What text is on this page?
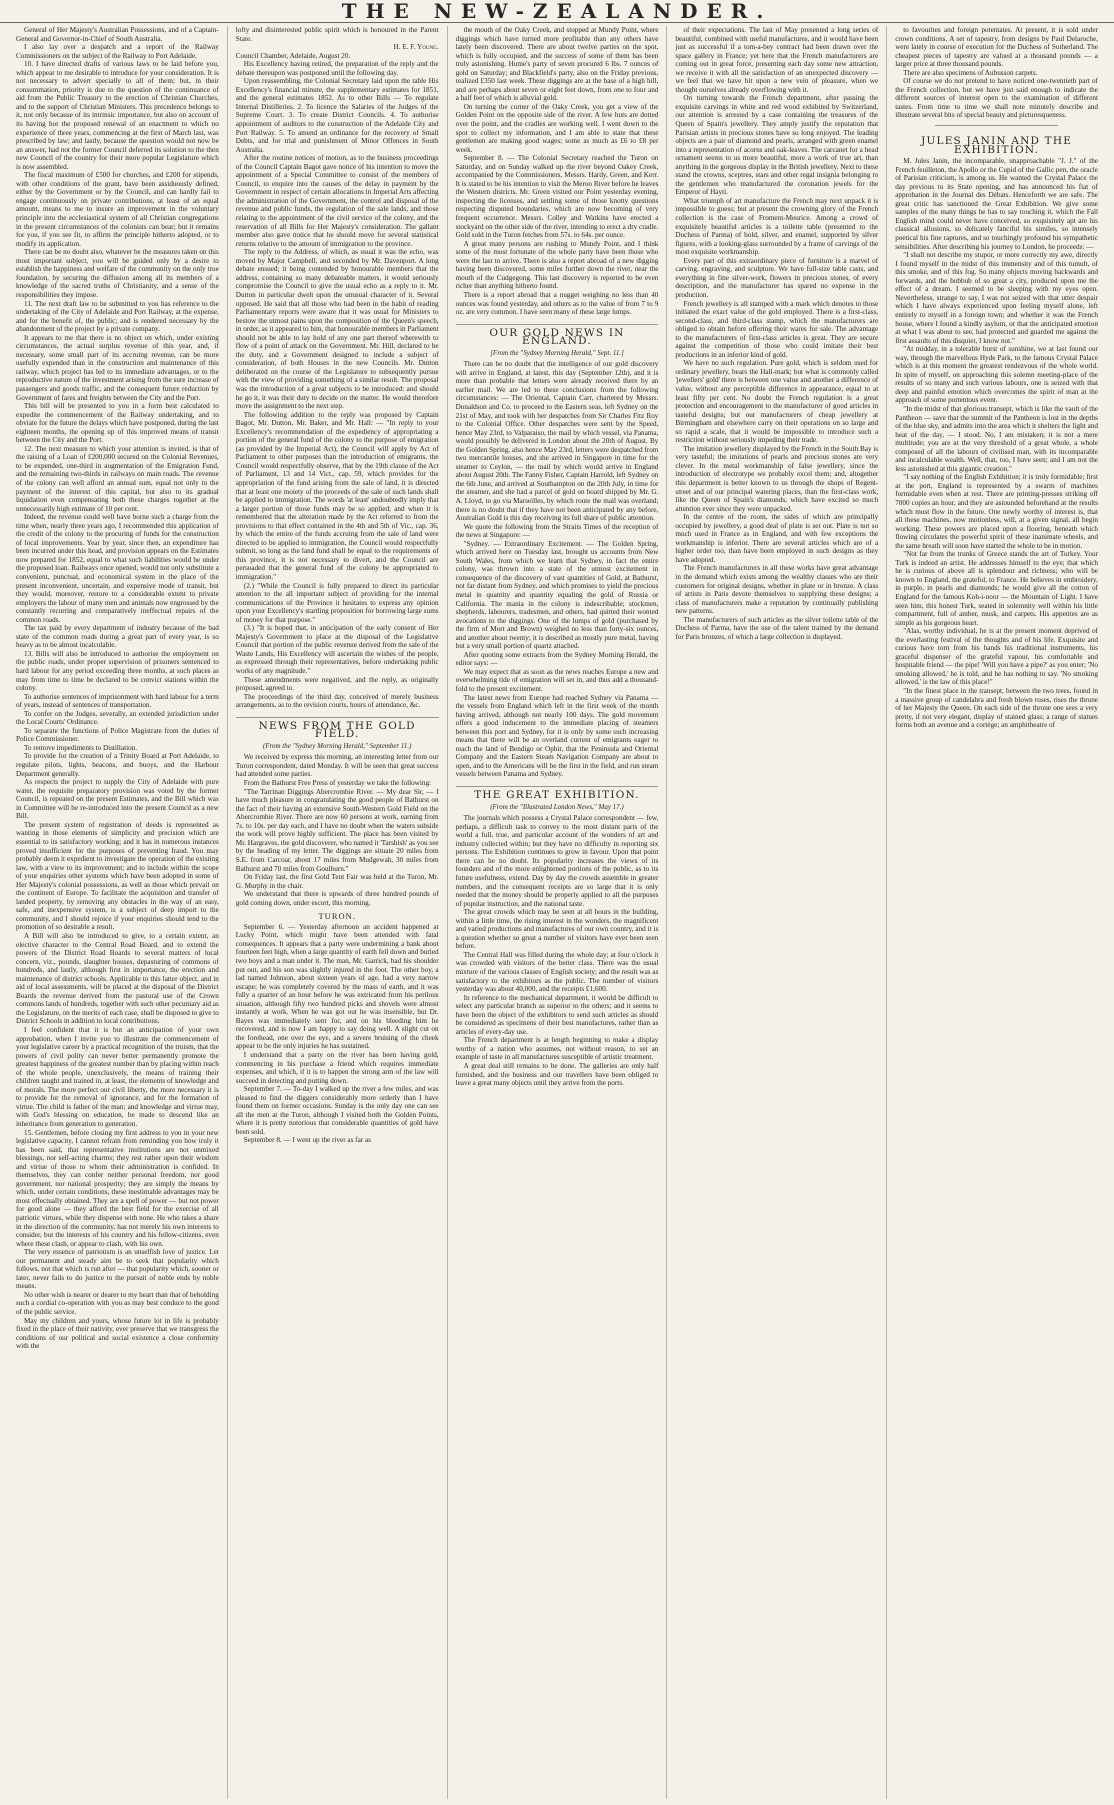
THE NEW-ZEALANDER.

General of Her Majesty's Australian Possessions, and of a Captain-General and Governor-in-Chief of South Australia.

I also lay over a despatch and a report of the Railway Commissioners on the subject of the Railway to Port Adelaide.

10. I have directed drafts of various laws to be laid before you, which appear to me desirable to introduce for your consideration. It is not necessary to advert specially to all of them; but, in their consummation, priority is due to the question of the continuance of aid from the Public Treasury to the erection of Christian Churches, and to the support of Christian Ministers. This precedence belongs to it, not only because of its intrinsic importance, but also on account of its having hot the proposed renewal of an enactment to which no experience of three years, commencing at the first of March last, was prescribed by law; and lastly, because the question would not now be an answer, had not the former Council deferred its solution to the then new Council of the country for their more popular Legislature which is now assembled.

The fiscal maximum of £500 for churches, and £200 for stipends, with other conditions of the grant, have been assiduously defined, either by the Government or by the Council, and can hardly fail to engage continuously on private contributions, at least of an equal amount, means to me to insure an improvement in the voluntary principle into the ecclesiastical system of all Christian congregations in the present circumstances of the colonists can bear; but it remains for you, if you see fit, to affirm the principle hitherto adopted, or to modify its application.

There can be no doubt also, whatever be the measures taken on this most important subject, you will be guided only by a desire to establish the happiness and welfare of the community on the only true foundation, by securing the diffusion among all its members of a knowledge of the sacred truths of Christianity, and a sense of the responsibilities they impose.

11. The next draft law to be submitted to you has reference to the undertaking of the City of Adelaide and Port Railway, at the expense, and for the benefit of, the public; and is rendered necessary by the abandonment of the project by a private company.

It appears to me that there is no object on which, under existing circumstances, the actual surplus revenue of this year, and, if necessary, some small part of its accruing revenue, can be more usefully expended than in the construction and maintenance of this railway, which project has led to its immediate advantages, or to the reproductive nature of the investment arising from the sure increase of passengers and goods traffic, and the consequent future reduction by Government of fares and freights between the City and the Port.

This bill will be presented to you in a form best calculated to expedite the commencement of the Railway undertaking, and to obviate for the future the delays which have postponed, during the last eighteen months, the opening up of this improved means of transit between the City and the Port.

12. The next measure to which your attention is invited, is that of the raising of a Loan of £200,000 secured on the Colonial Revenues, to be expended, one-third in augmentation of the Emigration Fund, and the remaining two-thirds in railways on main roads. The revenue of the colony can well afford an annual sum, equal not only to the payment of the interest of this capital, but also to its gradual liquidation even compensating both these charges together at the unnecessarily high estimate of 10 per cent.

Indeed, the revenue could well have borne such a charge from the time when, nearly three years ago, I recommended this application of the credit of the colony to the procuring of funds for the construction of local improvements. Year by year, since then, an expenditure has been incurred under this head, and provision appears on the Estimates now prepared for 1852, equal to what such liabilities would be under the proposed loan. Railways once opened, would not only substitute a convenient, punctual, and economical system in the place of the present inconvenient, uncertain, and expensive mode of transit, but they would, moreover, restore to a considerable extent to private employers the labour of many men and animals now engrossed by the constantly recurring and comparatively ineffectual repairs of the common roads.

The tax paid by every department of industry because of the bad state of the common roads during a great part of every year, is so heavy as to be almost incalculable.

13. Bills will also be introduced to authorise the employment on the public roads, under proper supervision of prisoners sentenced to hard labour for any period exceeding three months, at such places as may from time to time be declared to be convict stations within the colony.

To authorise sentences of imprisonment with hard labour for a term of years, instead of sentences of transportation.

To confer on the Judges, severally, an extended jurisdiction under the Local Courts' Ordinance.

To separate the functions of Police Magistrate from the duties of Police Commissioner.

To remove impediments to Distillation.

To provide for the creation of a Trinity Board at Port Adelaide, to regulate pilots, lights, beacons, and buoys, and the Harbour Department generally.

As respects the project to supply the City of Adelaide with pure water, the requisite preparatory provision was voted by the former Council, is repeated on the present Estimates, and the Bill which was in Committee will be re-introduced into the present Council as a new Bill.

The present system of registration of deeds is represented as wanting in those elements of simplicity and precision which are essential to its satisfactory working; and it has in numerous instances proved insufficient for the purposes of preventing fraud. You may probably deem it expedient to investigate the operation of the existing law, with a view to its improvement; and to include within the scope of your enquiries other systems which have been adopted in some of Her Majesty's colonial possessions, as well as those which prevail on the continent of Europe. To facilitate the acquisition and transfer of landed property, by removing any obstacles in the way of an easy, safe, and inexpensive system, is a subject of deep import to the community, and I should rejoice if your enquiries should tend to the promotion of so desirable a result.

A Bill will also be introduced to give, to a certain extent, an elective character to the Central Road Board, and to extend the powers of the District Road Boards to several matters of local concern, viz., pounds, slaughter houses, depasturing of commons of hundreds, and lastly, although first in importance, the erection and maintenance of district schools. Applicable to this latter object, and in aid of local assessments, will be placed at the disposal of the District Boards the revenue derived from the pastoral use of the Crown commons lands of hundreds, together with such other pecuniary aid as the Legislature, on the merits of each case, shall be disposed to give to District Schools in addition to local contributions.

I feel confident that it is but an anticipation of your own approbation, when I invite you to illustrate the commencement of your legislative career by a practical recognition of the truism, that the powers of civil polity can never better permanently promote the greatest happiness of the greatest number than by placing within reach of the whole people, unexclusively, the means of training their children taught and trained in, at least, the elements of knowledge and of morals. The more perfect our civil liberty, the more necessary it is to provide for the removal of ignorance, and for the formation of virtue. The child is father of the man; and knowledge and virtue may, with God's blessing on education, be made to descend like an inheritance from generation to generation.

15. Gentlemen, before closing my first address to you in your new legislative capacity, I cannot refrain from reminding you how truly it has been said, that representative institutions are not unmixed blessings, nor self-acting charms; they rest rather upon their wisdom and virtue of those to whom their administration is confided. In themselves, they can confer neither personal freedom, nor good government, nor national prosperity; they are simply the means by which, under certain conditions, these inestimable advantages may be most effectually obtained. They are a spell of power — but not power for good alone — they afford the best field for the exercise of all patriotic virtues, while they dispense with none. He who takes a share in the direction of the community, has not merely his own interests to consider, but the interests of his country and his fellow-citizens, even where these clash, or appear to clash, with his own.

The very essence of patriotism is an unselfish love of justice. Let our permanent and steady aim be to seek that popularity which follows, not that which is run after — that popularity which, sooner or later, never fails to do justice to the pursuit of noble ends by noble means.

No other wish is nearer or dearer to my heart than that of beholding such a cordial co-operation with you as may best conduce to the good of the public service.

May my children and yours, whose future lot in life is probably fixed in the place of their nativity, ever preserve that we transgress the conditions of our political and social existence a close conformity with the

lofty and disinterested public spirit which is honoured in the Parent State.

H. E. F. Young.

Council Chamber, Adelaide, August 20.

His Excellency having retired, the preparation of the reply and the debate thereupon was postponed until the following day.

Upon reassembling, the Colonial Secretary laid upon the table His Excellency's financial minute, the supplementary estimates for 1851, and the general estimates 1852. As to other Bills — To regulate Internal Distilleries. 2. To licence the Salaries of the Judges of the Supreme Court. 3. To create District Councils. 4. To authorise appointment of auditors to the construction of the Adelaide City and Port Railway. 5. To amend an ordinance for the recovery of Small Debts, and for trial and punishment of Minor Offences in South Australia.

After the routine notices of motion, as to the business proceedings of the Council Captain Bagot gave notice of his intention to move the appointment of a Special Committee to consist of the members of Council, to enquire into the causes of the delay in payment by the Government in respect of certain allocations in Imperial Arts affecting the administration of the Government, the control and disposal of the revenue and public funds, the regulation of the sale lands, and those relating to the appointment of the civil service of the colony, and the reservation of all Bills for Her Majesty's consideration. The gallant member also gave notice that he should move for several statistical returns relative to the amount of immigration to the province.

The reply to the Address, of which, as usual it was the echo, was moved by Major Campbell, and seconded by Mr. Davenport. A long debate ensued; it being contended by honourable members that the address, containing so many debateable matters, it would seriously compromise the Council to give the usual echo as a reply to it. Mr. Dutton in particular dwelt upon the unusual character of it. Several opposed. He said that all those who had been in the habit of reading Parliamentary reports were aware that it was usual for Ministers to bestow the utmost pains upon the composition of the Queen's speech, in order, as it appeared to him, that honourable members in Parliament should not be able to lay hold of any one part thereof wherewith to flow of a point of attack on the Government. Mr. Hill, declared to be the duty, and a Government designed to include a subject of consideration, of both Houses in the new Councils. Mr. Dutton deliberated on the course of the Legislature to subsequently pursue with the view of providing something of a similar result. The proposal was the introduction of a great subjects to be introduced: and should he go it, it was their duty to decide on the matter. He would therefore move the assignment to the next step.

The following addition to the reply was proposed by Captain Bagot, Mr. Dutton, Mr. Baker, and Mr. Hall: — "In reply to your Excellency's recommendation of the expediency of appropriating a portion of the general fund of the colony to the purpose of emigration (as provided by the Imperial Act), the Council will apply by Act of Parliament to other purposes than the introduction of emigrants, the Council would respectfully observe, that by the 19th clause of the Act of Parliament, 13 and 14 Vict., cap. 59, which provides for the appropriation of the fund arising from the sale of land, it is directed that at least one moiety of the proceeds of the sale of such lands shall be applied to immigration. The words 'at least' undoubtedly imply that a larger portion of those funds may be so applied; and when it is remembered that the alteration made by the Act referred to from the provisions to that effect contained in the 4th and 5th of Vic., cap. 36, by which the entire of the funds accruing from the sale of land were directed to be applied to immigration, the Council would respectfully submit, so long as the land fund shall be equal to the requirements of this province, it is not necessary to divert, and the Council are persuaded that the general fund of the colony be appropriated to immigration."

(2.) "While the Council is fully prepared to direct its particular attention to the all important subject of providing for the internal communications of the Province it hesitates to express any opinion upon your Excellency's startling proposition for borrowing large sums of money for that purpose."

(3.) "It is hoped that, in anticipation of the early consent of Her Majesty's Government to place at the disposal of the Legislative Council that portion of the public revenue derived from the sale of the Waste Lands, His Excellency will ascertain the wishes of the people, as expressed through their representatives, before undertaking public works of any magnitude."

These amendments were negatived, and the reply, as originally proposed, agreed to.

The proceedings of the third day, conceived of merely business arrangements, as to the revision courts, hours of attendance, &c.

NEWS FROM THE GOLD FIELD.
(From the "Sydney Morning Herald," September 11.)

We received by express this morning, an interesting letter from our Turon correspondent, dated Monday. It will be seen that great success had attended some parties.

From the Bathurst Free Press of yesterday we take the following:

"The Tarrinan Diggings Abercrombie River. — My dear Sir, — I have much pleasure in congratulating the good people of Bathurst on the fact of their having an extensive South-Western Gold Field on the Abercrombie River. There are now 60 persons at work, earning from 7s. to 10s. per day each, and I have no doubt when the waters subside the work will prove highly sufficient. The place has been visited by Mr. Hargraves, the gold discoverer, who named it 'Tarshish' as you see by the heading of my letter. The diggings are situate 20 miles from S.E. from Carcoar, about 17 miles from Mudgewah, 30 miles from Bathurst and 70 miles from Goulburn."

On Friday last, the first Gold Tent Fair was held at the Turon, Mr. G. Murphy in the chair.

We understand that there is upwards of three hundred pounds of gold coming down, under escort, this morning.

TURON.

September 6. — Yesterday afternoon an accident happened at Lucky Point, which might have been attended with fatal consequences. It appears that a party were undermining a bank about fourteen feet high, when a large quantity of earth fell down and buried two boys and a man under it. The man, Mr. Garrick, had his shoulder put out, and his son was slightly injured in the foot. The other boy, a lad named Johnson, about sixteen years of age, had a very narrow escape; he was completely covered by the mass of earth, and it was fully a quarter of an hour before he was extricated from his perilous situation, although fifty two hundred picks and shovels were almost instantly at work. When he was got out he was insensible, but Dr. Bayes was immediately sent for, and on his bleeding him he recovered, and is now I am happy to say doing well. A slight cut on the forehead, one over the eye, and a severe bruising of the cheek appear to be the only injuries he has sustained.

I understand that a party on the river has been having gold, commencing in his purchase a friend which requires immediate expenses, and which, if it is to happen the strong arm of the law will succeed in detecting and putting down.

September 7. — To-day I walked up the river a few miles, and was pleased to find the diggers considerably more orderly than I have found them on former occasions. Sunday is the only day one can see all the men at the Turon, although I visited both the Golden Points, where it is pretty notorious that considerable quantities of gold have been sold.

September 8. — I went up the river as far as

the mouth of the Oaky Creek, and stopped at Mundy Point, where diggings which have turned more profitable than any others have lately been discovered. There are about twelve parties on the spot, which is fully occupied, and the success of some of them has been truly astonishing. Hume's party of seven procured 6 lbs. 7 ounces of gold on Saturday; and Blackfield's party, also on the Friday previous, realized £350 last week. These diggings are at the base of a high hill, and are perhaps about seven or eight feet down, from one to four and a half feet of which is alluvial gold.

On turning the corner of the Oaky Creek, you get a view of the Golden Point on the opposite side of the river. A few huts are dotted over the point, and the cradles are working well. I went down to the spot to collect my information, and I am able to state that these gentlemen are making good wages; some as much as £6 to £8 per week.

September 8. — The Colonial Secretary reached the Turon on Saturday, and on Sunday walked up the river beyond Oakey Creek, accompanied by the Commissioners, Messrs. Hardy, Green, and Kerr. It is stated to be his intention to visit the Meroo River before he leaves the Western districts. Mr. Green visited our Point yesterday evening, inspecting the licenses, and settling some of those knotty questions respecting disputed boundaries, which are now becoming of very frequent occurrence. Messrs. Colley and Watkins have erected a stockyard on the other side of the river, intending to erect a dry cradle. Gold sold in the Turon fetches from 57s. to 64s. per ounce.

A great many persons are rushing to Mundy Point, and I think some of the most fortunate of the whole party have been those who were the last to arrive. There is also a report abroad of a new digging having been discovered, some miles further down the river, near the mouth of the Cudgegong. This last discovery is reported to be even richer than anything hitherto found.

There is a report abroad that a nugget weighing no less than 40 ounces was found yesterday, and others as to the value of from 7 to 9 oz. are very common. I have seen many of these large lumps.

OUR GOLD NEWS IN ENGLAND.
[From the "Sydney Morning Herald," Sept. 11.]

There can be no doubt that the intelligence of our gold discovery will arrive in England, at latest, this day (September 12th), and it is more than probable that letters were already received there by an earlier mail. We are led to these conclusions from the following circumstances: — The Oriental, Captain Carr, chartered by Messrs. Donaldson and Co. to proceed to the Eastern seas, left Sydney on the 21st of May, and took with her despatches from Sir Charles Fitz Roy to the Colonial Office. Other despatches were sent by the Speed, hence May 23rd, to Valparaiso, the mail by which vessel, via Panama, would possibly be delivered in London about the 20th of August. By the Golden Spring, also hence May 23rd, letters were despatched from two mercantile houses, and she arrived in Singapore in time for the steamer to Ceylon, — the mail by which would arrive in England about August 20th. The Fanny Fisher, Captain Harrold, left Sydney on the 6th June, and arrived at Southampton on the 20th July, in time for the steamer, and she had a parcel of gold on board shipped by Mr. G. A. Lloyd, to go via Marseilles, by which route the mail was overland; there is no doubt that if they have not been anticipated by any before, Australian Gold is this day receiving its full share of public attention.

We quote the following from the Straits Times of the reception of the news at Singapore: —

"Sydney. — Extraordinary Excitement. — The Golden Spring, which arrived here on Tuesday last, brought us accounts from New South Wales, from which we learn that Sydney, in fact the entire colony, was thrown into a state of the utmost excitement in consequence of the discovery of vast quantities of Gold, at Bathurst, not far distant from Sydney, and which promises to yield the precious metal in quantity and quantity equaling the gold of Russia or California. The mania in the colony is indescribable; stockmen, shepherds, labourers, tradesmen, and others, had quitted their wonted avocations to the diggings. One of the lumps of gold (purchased by the firm of Mort and Brown) weighed no less than forty-six ounces, and another about twenty; it is described as mostly pure metal, having but a very small portion of quartz attached.

After quoting some extracts from the Sydney Morning Herald, the editor says: —

We may expect that as soon as the news reaches Europe a new and overwhelming tide of emigration will set in, and thus add a thousand-fold to the present excitement.

The latest news from Europe had reached Sydney via Panama — the vessels from England which left in the first week of the month having arrived, although not nearly 100 days. The gold movement offers a good inducement to the immediate placing of steamers between this port and Sydney, for it is only by some such increasing means that there will be an overland current of emigrants eager to reach the land of Bendigo or Ophir, that the Peninsula and Oriental Company and the Eastern Steam Navigation Company are about to open, and to the Americans will be the first in the field, and run steam vessels between Panama and Sydney.

THE GREAT EXHIBITION.
(From the "Illustrated London News," May 17.)

The journals which possess a Crystal Palace correspondent — few, perhaps, a difficult task to convey to the most distant parts of the world a full, true, and particular account of the wonders of art and industry collected within; but they have no difficulty in reporting six persons. The Exhibition continues to grow in favour. Upon that point there can be no doubt. Its popularity increases the views of its founders and of the more enlightened portions of the public, as to its future usefulness, extend. Day by day the crowds assemble in greater numbers, and the consequent receipts are so large that it is only needed that the money should be properly applied to all the purposes of popular instruction, and the national taste.

The great crowds which may be seen at all hours in the building, within a little time, the rising interest in the wonders, the magnificent and varied productions and manufactures of our own country, and it is a question whether so great a number of visitors have ever been seen before.

The Central Hall was filled during the whole day; at four o'clock it was crowded with visitors of the better class. There was the usual mixture of the various classes of English society; and the result was as satisfactory to the exhibitors as the public. The number of visitors yesterday was about 40,000, and the receipts £1,600.

In reference to the mechanical department, it would be difficult to select any particular branch as superior to the others; and it seems to have been the object of the exhibitors to send such articles as should be considered as specimens of their best manufactures, rather than as articles of every-day use.

The French department is at length beginning to make a display worthy of a nation who assumes, not without reason, to set an example of taste in all manufactures susceptible of artistic treatment.

A great deal still remains to be done. The galleries are only half furnished, and the business and our travellers have been obliged to leave a great many objects until they arrive from the ports.

of their expectations. The last of May presented a long series of beautiful, combined with useful manufactures, and it would have been just as successful if a tom-a-bey contract had been drawn over the space gallery in France; yet here that the French manufacturers are coming out in great force, presenting each day some new attraction, we receive it with all the satisfaction of an unexpected discovery — we feel that we have hit upon a new vein of pleasure, when we thought ourselves already overflowing with it.

On turning towards the French department, after passing the exquisite carvings in white and red wood exhibited by Switzerland, our attention is arrested by a case containing the treasures of the Queen of Spain's jewellery. They amply justify the reputation that Parisian artists in precious stones have so long enjoyed. The leading objects are a pair of diamond and pearls, arranged with green enamel into a representation of acorns and oak-leaves. The carcanet for a head ornament seems to us more beautiful, more a work of true art, than anything in the gorgeous display in the British jewellery. Next to these stand the crowns, sceptres, stars and other regal insignia belonging to the gentlemen who manufactured the coronation jewels for the Emperor of Hayti.

What triumph of art manufacture the French may next unpack it is impossible to guess; but at present the crowning glory of the French collection is the case of Froment-Meurice. Among a crowd of exquisitely beautiful articles is a toilette table (presented to the Duchess of Parma) of bold, silver, and enamel, supported by silver figures, with a looking-glass surrounded by a frame of carvings of the most exquisite workmanship.

Every part of this extraordinary piece of furniture is a marvel of carving, engraving, and sculpture. We have full-size table casts, and everything in fine silver-work, flowers in precious stones, of every description, and the manufacturer has spared no expense in the production.

French jewellery is all stamped with a mark which denotes to those initiated the exact value of the gold employed. There is a first-class, second-class, and third-class stamp, which the manufacturers are obliged to obtain before offering their wares for sale. The advantage to the manufacturers of first-class articles is great. They are secure against the competition of those who could imitate their best productions in an inferior kind of gold.

We have no such regulation. Pure gold, which is seldom used for ordinary jewellery, bears the Hall-mark; but what is commonly called 'jewellers' gold' there is between one value and another a difference of value, without any perceptible difference in appearance, equal to at least fifty per cent. No doubt the French regulation is a great protection and encouragement to the manufacturer of good articles in tasteful designs; but our manufacturers of cheap jewellery at Birmingham and elsewhere carry on their operations on so large and so rapid a scale, that it would be impossible to introduce such a restriction without seriously impeding their trade.

The imitation jewellery displayed by the French in the South Bay is very tasteful; the imitations of pearls and precious stones are very clever. In the metal workmanship of false jewellery, since the introduction of electrotype we probably excel them; and, altogether this department is better known to us through the shops of Regent-street and of our principal watering places, than the first-class work, like the Queen of Spain's diamonds, which have excited so much attention ever since they were unpacked.

In the centre of the room, the sides of which are principally occupied by jewellery, a good deal of plate is set out. Plate is not so much used in France as in England, and with few exceptions the workmanship is inferior. There are several articles which are of a higher order too, than have been employed in such designs as they have adopted.

The French manufacturers in all these works have great advantage in the demand which exists among the wealthy classes who are their customers for original designs, whether in plate or in bronze. A class of artists in Paris devote themselves to supplying these designs; a class of manufacturers make a reputation by continually publishing new patterns.

The manufacturers of such articles as the silver toilette table of the Duchess of Parma, have the use of the talent trained by the demand for Paris bronzes, of which a large collection is displayed.

to favourites and foreign potentates. At present, it is sold under crown conditions. A set of tapestry, from designs by Paul Delaroche, were lately in course of execution for the Duchess of Sutherland. The cheapest pieces of tapestry are valued at a thousand pounds — a larger price at three thousand pounds.

There are also specimens of Aubusson carpets.

Of course we do not pretend to have noticed one-twentieth part of the French collection, but we have just said enough to indicate the different sources of interest open to the examination of different tastes. From time to time we shall note minutely describe and illustrate several bits of special beauty and picturesqueness.

JULES JANIN AND THE EXHIBITION.

M. Jules Janin, the incomparable, unapproachable "J. J." of the French feuilleton, the Apollo or the Cupid of the Gallic pen, the oracle of Parisian criticism, is among us. He wanted the Crystal Palace the day previous to its State opening, and has announced his fiat of approbation in the Journal des Débats. Henceforth we are safe. The great critic has sanctioned the Great Exhibition. We give some samples of the many things he has to say touching it, which the Fall English mind could never have conceived, so exquisitely apt are his classical allusions, so delicately fanciful his similes, so intensely poetical his fine raptures, and so touchingly profound his sympathetic sensibilities. After describing his journey to London, he proceeds: —

"I shall not describe my stupor, or more correctly my awe, directly I found myself in the midst of this immensity and of this tumult, of this smoke, and of this fog. So many objects moving backwards and forwards, and the bubbub of so great a city, produced upon me the effect of a dream. I seemed to be sleeping with my eyes open. Nevertheless, strange to say, I was not seized with that utter despair which I have always experienced upon feeling myself alone, left entirely to myself in a foreign town; and whether it was the French house, where I found a kindly asylum, or that the anticipated emotion at what I was about to see, had protected and guarded me against the first assaults of this disquiet, I know not."

"At midday, in a tolerable burst of sunshine, we at last found our way, through the marvellous Hyde Park, to the famous Crystal Palace which is at this moment the greatest rendezvous of the whole world. In spite of myself, on approaching this solemn meeting-place of the results of so many and such various labours, one is seized with that deep and painful emotion which overcomes the spirit of man at the approach of some portentous event.

"In the midst of that glorious transept, which is like the vault of the Pantheon — save that the summit of the Pantheon is lost in the depths of the blue sky, and admits into the area which it shelters the light and heat of the day, — I stood. No, I am mistaken; it is not a mere multitude; you are at the very threshold of a great whole, a whole composed of all the labours of civilised man, with its incomparable and incalculable wealth. Well, that, too, I have seen; and I am not the less astonished at this gigantic creation."

"I say nothing of the English Exhibition; it is truly formidable; first at the port, England is represented by a swarm of machines formidable even when at rest. There are printing-presses striking off 7000 copies an hour, and they are astounded beforehand at the results which must flow in the future. One newly worthy of interest is, that all these machines, now motionless, will, at a given signal, all begin working. These powers are placed upon a flooring, beneath which flowing circulates the powerful spirit of these inanimate wheels, and the same breath will soon have started the whole to be in motion.

"Not far from the trunks of Greece stands the art of Turkey. Your Turk is indeed an artist. He addresses himself to the eye; that which he is curious of above all is splendour and richness; who will be known to England, the grateful, to France. He believes in embroidery, in purple, in pearls and diamonds; he would give all the cotton of England for the famous Koh-i-noor — the Mountain of Light. I have seen him, this honest Turk, seated in solemnity well within his little compartment, full of amber, musk, and carpets. His appetites are as simple as his gorgeous heart.

"Alas, worthy individual, he is at the present moment deprived of the everlasting festival of the thoughts and of his life. Exquisite and curious have torn from his hands his traditional instruments, his graceful dispenser of the grateful vapour, his comfortable and hospitable friend — the pipe! 'Will you have a pipe?' as you enter; 'No smoking allowed,' he is told, and he has nothing to say. 'No smoking allowed,' is the law of this place!"

"In the finest place in the transept, between the two trees, found in a massive group of candelabra and fresh blown roses, rises the throne of her Majesty the Queen. On each side of the throne one sees a very pretty, if not very elegant, display of stained glass; a range of statues forms both an avenue and a cortège; an amphitheatre of
